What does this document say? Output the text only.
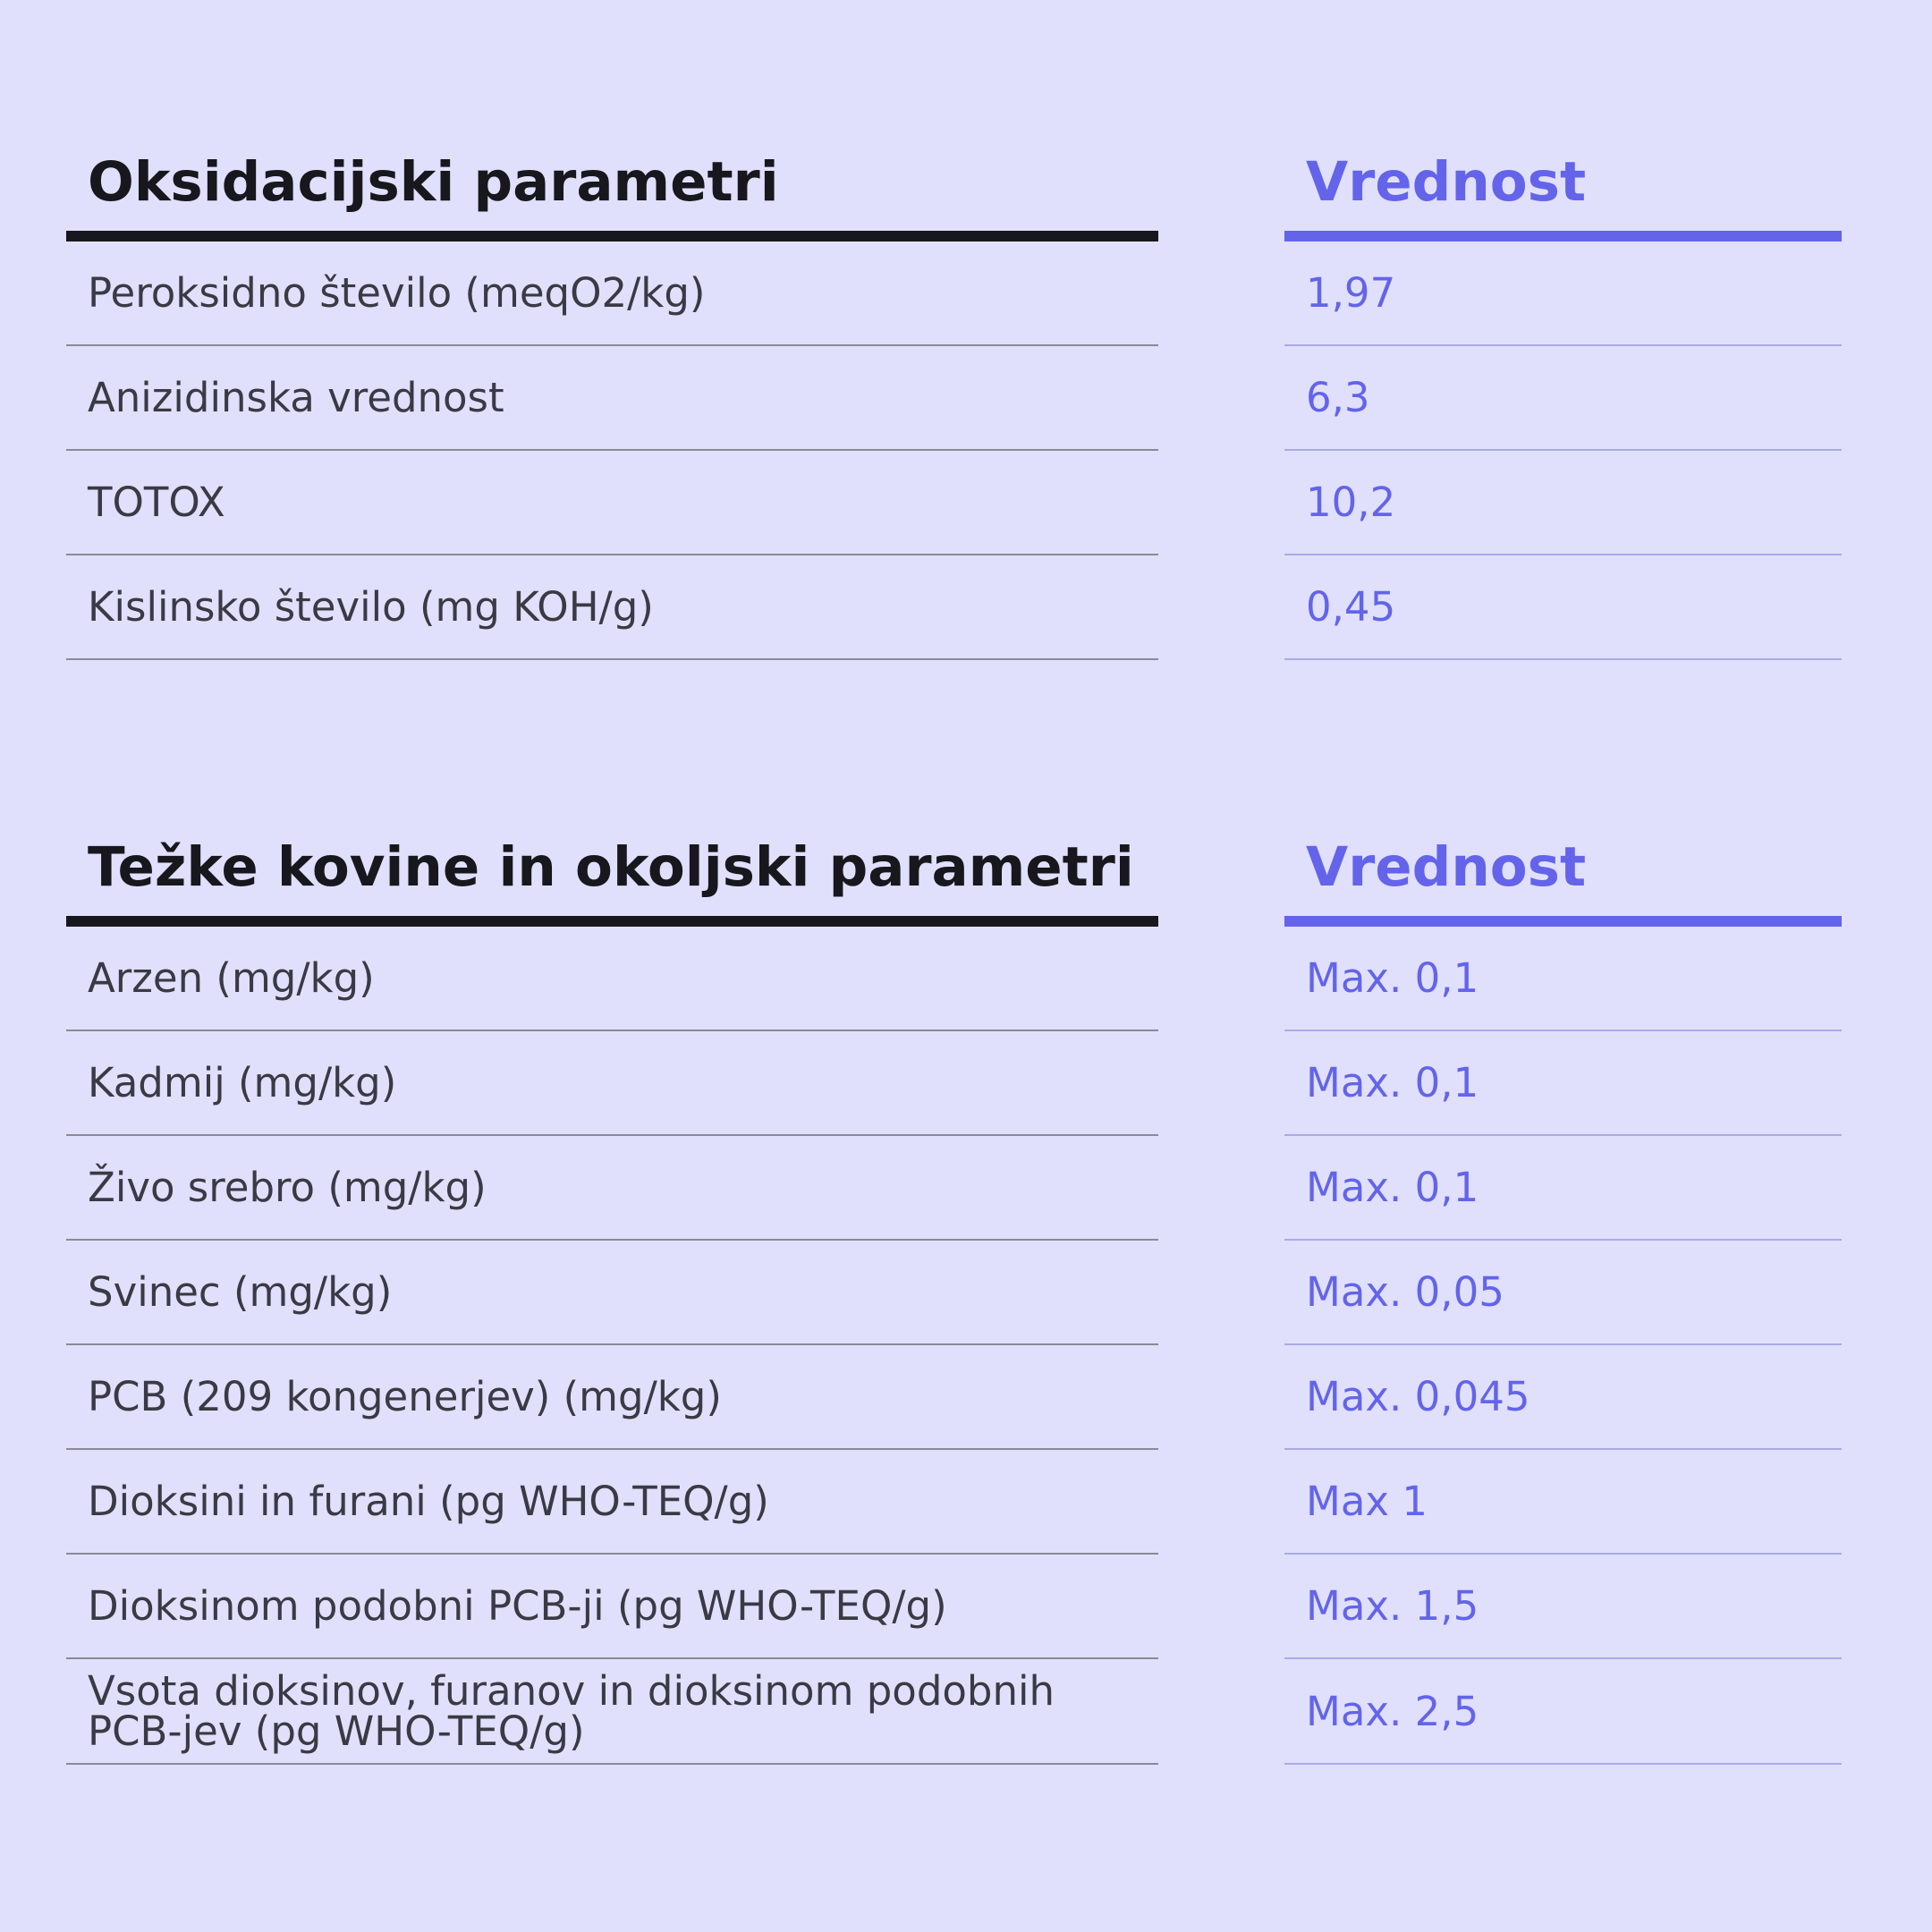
Oksidacijski parametri
Peroksidno število (meqO2/kg)
Anizidinska vrednost
TOTOX
Kislinsko število (mg KOH/g)
Vrednost
1,97
6,3
10,2
0,45
Težke kovine in okoljski parametri
Arzen (mg/kg)
Kadmij (mg/kg)
Živo srebro (mg/kg)
Svinec (mg/kg)
PCB (209 kongenerjev) (mg/kg)
Dioksini in furani (pg WHO-TEQ/g)
Dioksinom podobni PCB-ji (pg WHO-TEQ/g)
Vsota dioksinov, furanov in dioksinom podobnih PCB-jev (pg WHO-TEQ/g)
Vrednost
Max. 0,1
Max. 0,1
Max. 0,1
Max. 0,05
Max. 0,045
Max 1
Max. 1,5
Max. 2,5
